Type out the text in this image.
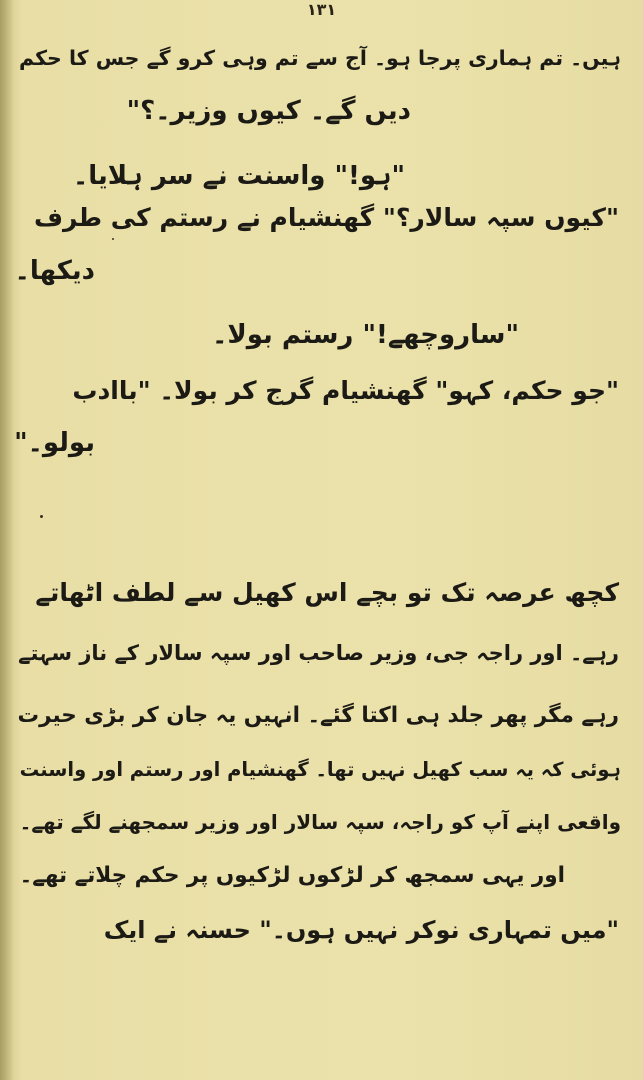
۱۳۱
ہیں۔ تم ہماری پرجا ہو۔ آج سے تم وہی کرو گے جس کا حکم
دیں گے۔ کیوں وزیر۔؟"
"ہو!" واسنت نے سر ہلایا۔
"کیوں سپہ سالار؟" گھنشیام نے رستم کی طرف
دیکھا۔
"ساروچھے!" رستم بولا۔
"جو حکم، کہو" گھنشیام گرج کر بولا۔ "باادب
بولو۔"
کچھ عرصہ تک تو بچے اس کھیل سے لطف اٹھاتے
رہے۔ اور راجہ جی، وزیر صاحب اور سپہ سالار کے ناز سہتے
رہے مگر پھر جلد ہی اکتا گئے۔ انہیں یہ جان کر بڑی حیرت
ہوئی کہ یہ سب کھیل نہیں تھا۔ گھنشیام اور رستم اور واسنت
واقعی اپنے آپ کو راجہ، سپہ سالار اور وزیر سمجھنے لگے تھے۔
اور یہی سمجھ کر لڑکوں لڑکیوں پر حکم چلاتے تھے۔
"میں تمہاری نوکر نہیں ہوں۔" حسنہ نے ایک
